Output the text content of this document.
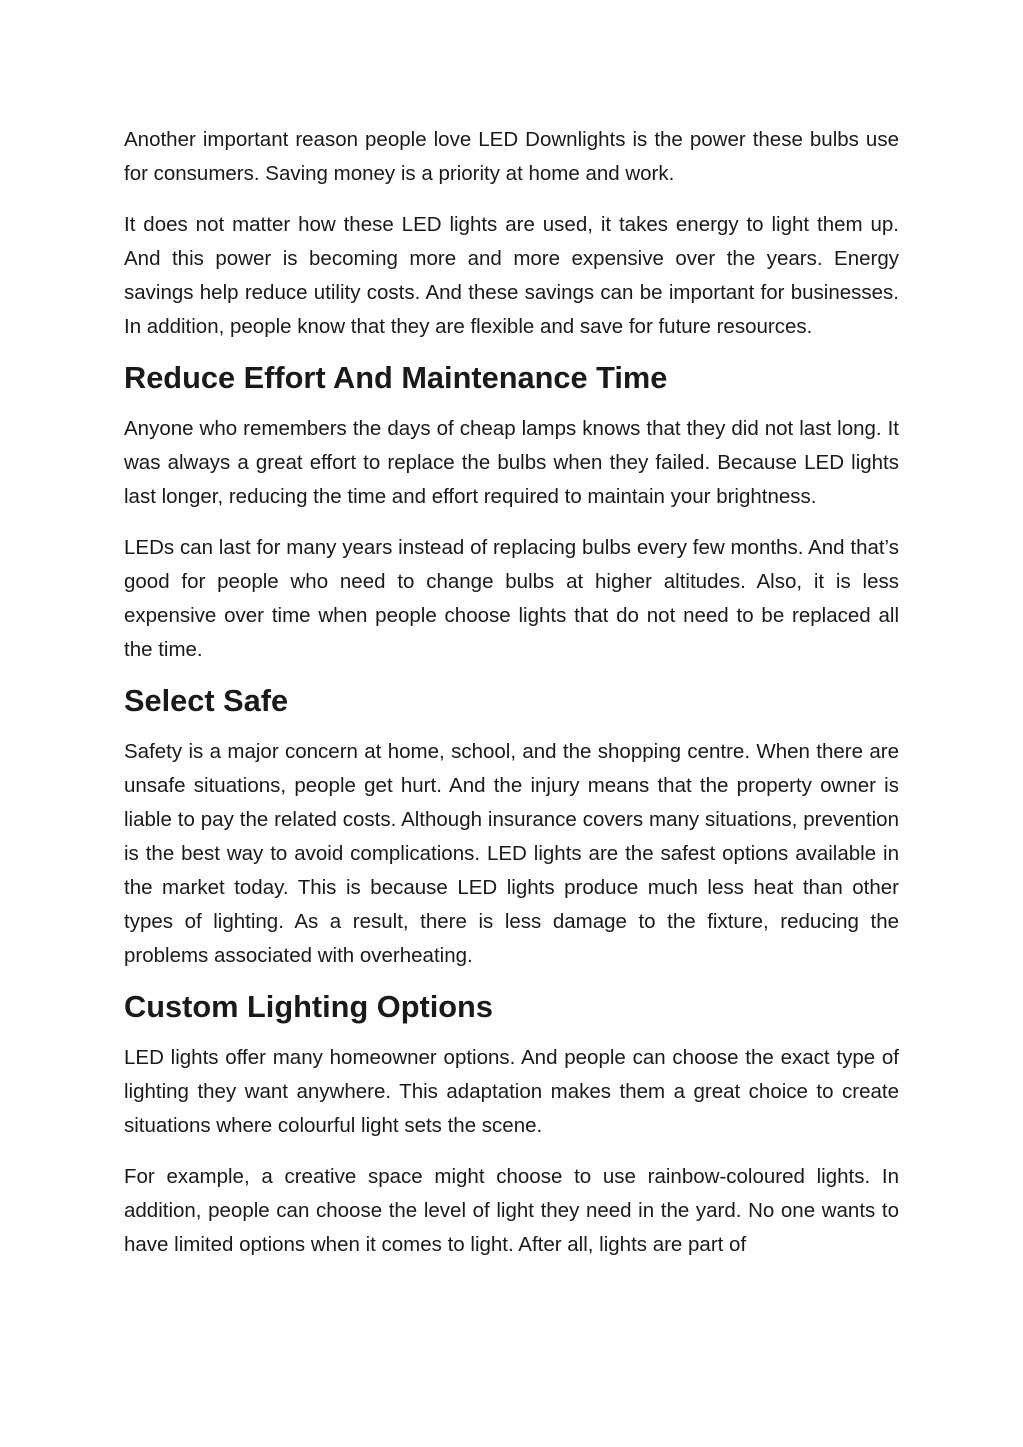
Another important reason people love LED Downlights is the power these bulbs use for consumers. Saving money is a priority at home and work.

It does not matter how these LED lights are used, it takes energy to light them up. And this power is becoming more and more expensive over the years. Energy savings help reduce utility costs. And these savings can be important for businesses. In addition, people know that they are flexible and save for future resources.

Reduce Effort And Maintenance Time

Anyone who remembers the days of cheap lamps knows that they did not last long. It was always a great effort to replace the bulbs when they failed. Because LED lights last longer, reducing the time and effort required to maintain your brightness.

LEDs can last for many years instead of replacing bulbs every few months. And that’s good for people who need to change bulbs at higher altitudes. Also, it is less expensive over time when people choose lights that do not need to be replaced all the time.

Select Safe

Safety is a major concern at home, school, and the shopping centre. When there are unsafe situations, people get hurt. And the injury means that the property owner is liable to pay the related costs. Although insurance covers many situations, prevention is the best way to avoid complications. LED lights are the safest options available in the market today. This is because LED lights produce much less heat than other types of lighting. As a result, there is less damage to the fixture, reducing the problems associated with overheating.

Custom Lighting Options

LED lights offer many homeowner options. And people can choose the exact type of lighting they want anywhere. This adaptation makes them a great choice to create situations where colourful light sets the scene.

For example, a creative space might choose to use rainbow-coloured lights. In addition, people can choose the level of light they need in the yard. No one wants to have limited options when it comes to light. After all, lights are part of
